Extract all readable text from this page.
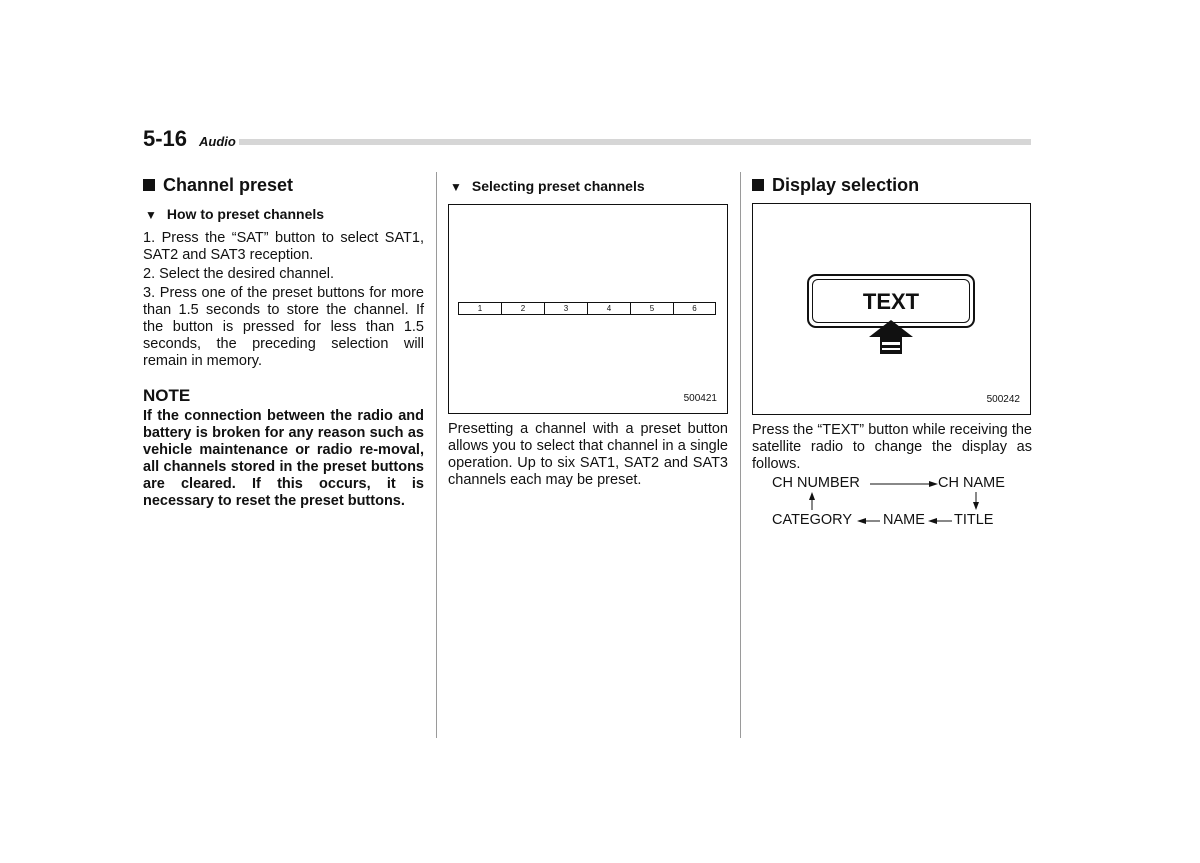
5-16 Audio
Channel preset
▼ How to preset channels

1. Press the “SAT” button to select SAT1, SAT2 and SAT3 reception.

2. Select the desired channel.

3. Press one of the preset buttons for more than 1.5 seconds to store the channel. If the button is pressed for less than 1.5 seconds, the preceding selection will remain in memory.

NOTE

If the connection between the radio and battery is broken for any reason such as vehicle maintenance or radio re-moval, all channels stored in the preset buttons are cleared. If this occurs, it is necessary to reset the preset buttons.

▼ Selecting preset channels
1	2	3	4	5	6
500421

Presetting a channel with a preset button allows you to select that channel in a single operation. Up to six SAT1, SAT2 and SAT3 channels each may be preset.

Display selection
TEXT
500242

Press the “TEXT” button while receiving the satellite radio to change the display as follows.

CH NUMBER	CH NAME
TITLE
NAME
CATEGORY
